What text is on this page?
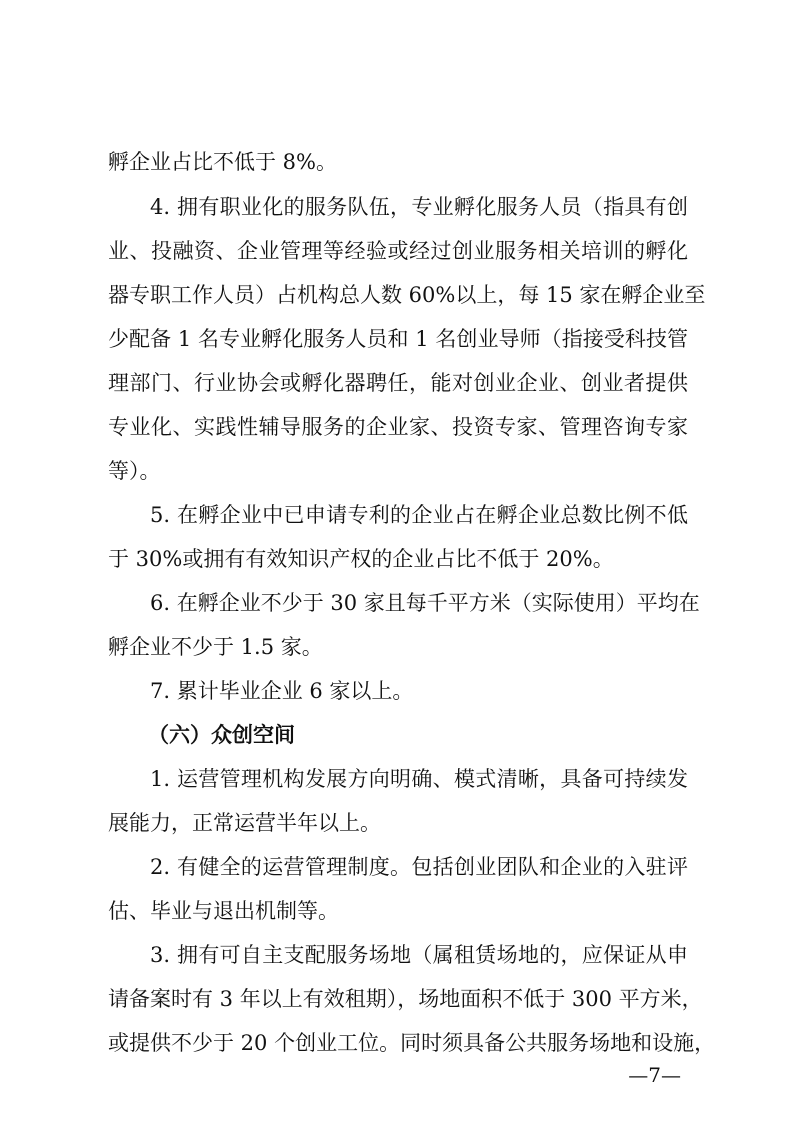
孵企业占比不低于 8%。
4. 拥有职业化的服务队伍，专业孵化服务人员（指具有创
业、投融资、企业管理等经验或经过创业服务相关培训的孵化
器专职工作人员）占机构总人数 60%以上，每 15 家在孵企业至
少配备 1 名专业孵化服务人员和 1 名创业导师（指接受科技管
理部门、行业协会或孵化器聘任，能对创业企业、创业者提供
专业化、实践性辅导服务的企业家、投资专家、管理咨询专家
等）。
5. 在孵企业中已申请专利的企业占在孵企业总数比例不低
于 30%或拥有有效知识产权的企业占比不低于 20%。
6. 在孵企业不少于 30 家且每千平方米（实际使用）平均在
孵企业不少于 1.5 家。
7. 累计毕业企业 6 家以上。
（六）众创空间
1. 运营管理机构发展方向明确、模式清晰，具备可持续发
展能力，正常运营半年以上。
2. 有健全的运营管理制度。包括创业团队和企业的入驻评
估、毕业与退出机制等。
3. 拥有可自主支配服务场地（属租赁场地的，应保证从申
请备案时有 3 年以上有效租期），场地面积不低于 300 平方米，
或提供不少于 20 个创业工位。同时须具备公共服务场地和设施，
—7—
